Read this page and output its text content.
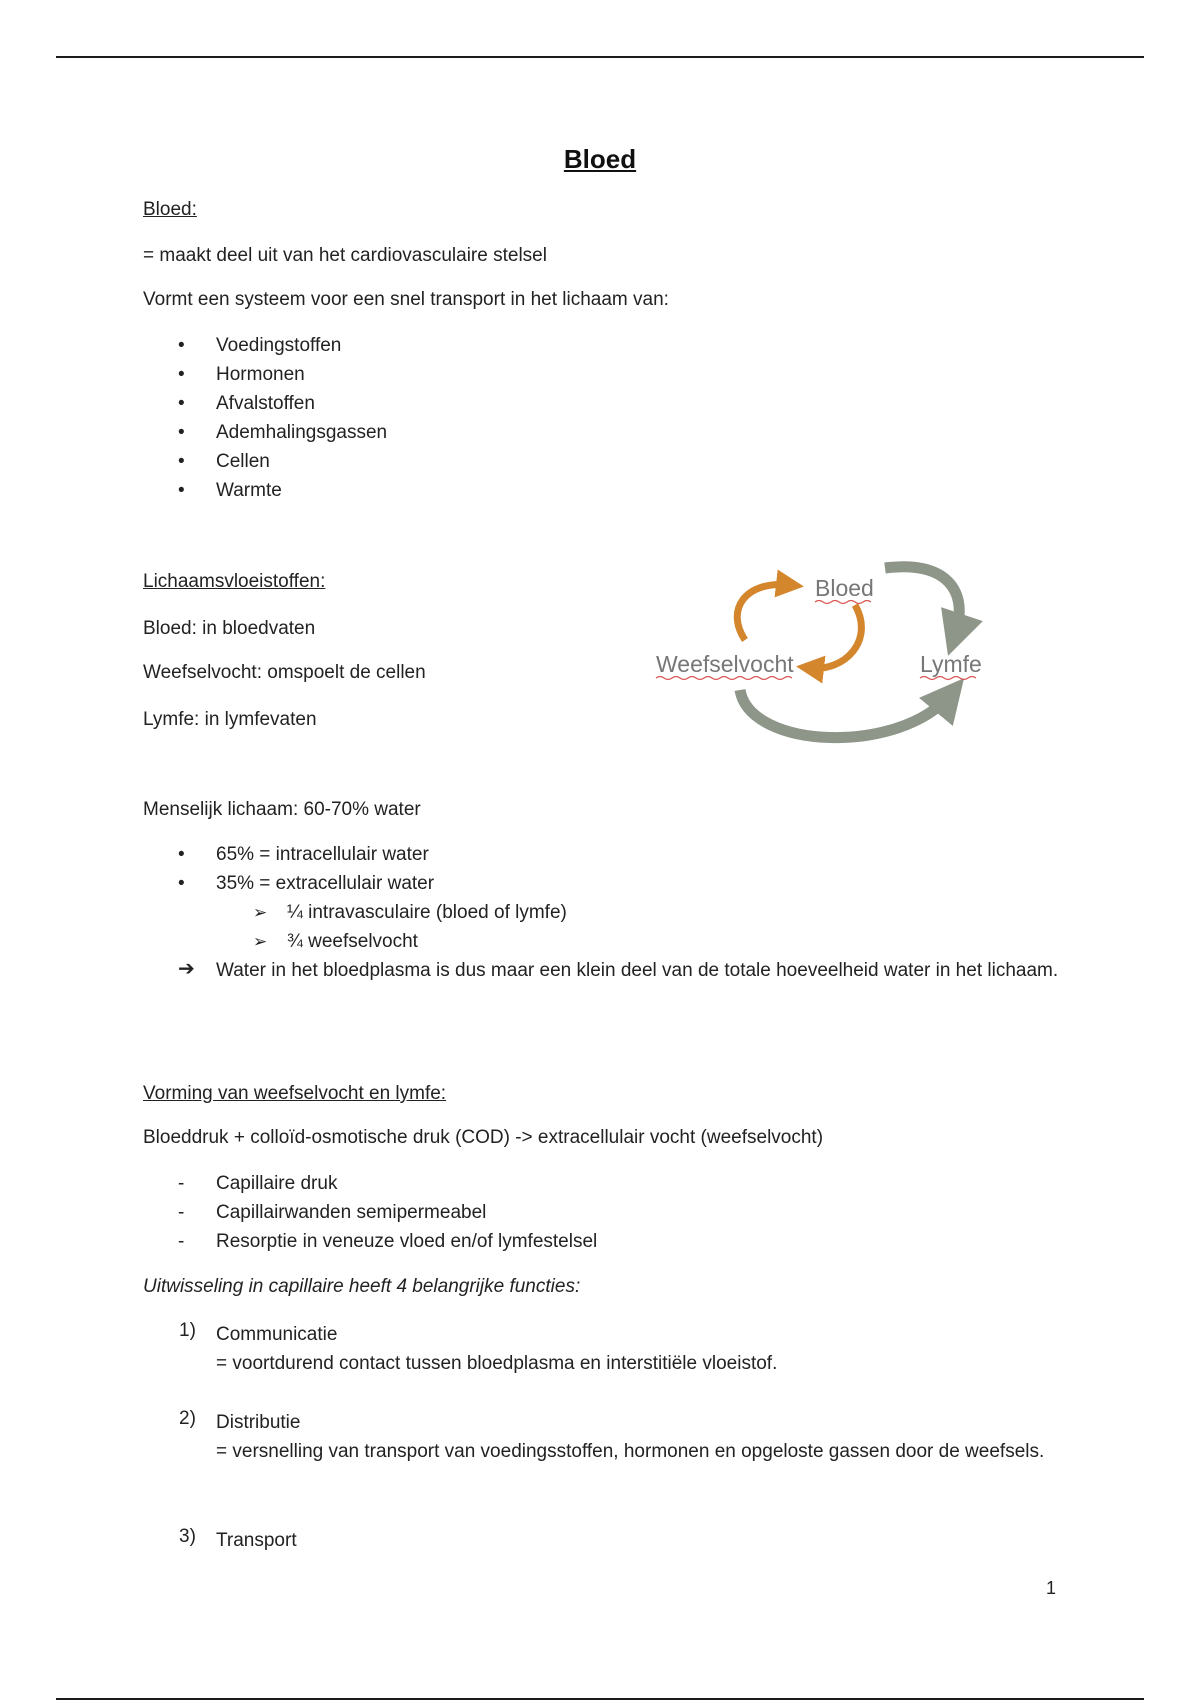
Bloed
Bloed:
= maakt deel uit van het cardiovasculaire stelsel
Vormt een systeem voor een snel transport in het lichaam van:
•	Voedingstoffen
•	Hormonen
•	Afvalstoffen
•	Ademhalingsgassen
•	Cellen
•	Warmte
Lichaamsvloeistoffen:
Bloed: in bloedvaten
Weefselvocht: omspoelt de cellen
Lymfe: in lymfevaten
Bloed
Weefselvocht	Lymfe
Menselijk lichaam: 60-70% water
•	65% = intracellulair water
•	35% = extracellulair water
➢ ¼ intravasculaire (bloed of lymfe)
➢ ¾ weefselvocht
➔ Water in het bloedplasma is dus maar een klein deel van de totale hoeveelheid water in het lichaam.
Vorming van weefselvocht en lymfe:
Bloeddruk + colloïd-osmotische druk (COD) -> extracellulair vocht (weefselvocht)
-	Capillaire druk
-	Capillairwanden semipermeabel
-	Resorptie in veneuze vloed en/of lymfestelsel
Uitwisseling in capillaire heeft 4 belangrijke functies:
1) Communicatie
= voortdurend contact tussen bloedplasma en interstitiële vloeistof.
2) Distributie
= versnelling van transport van voedingsstoffen, hormonen en opgeloste gassen door de weefsels.
3) Transport
1
